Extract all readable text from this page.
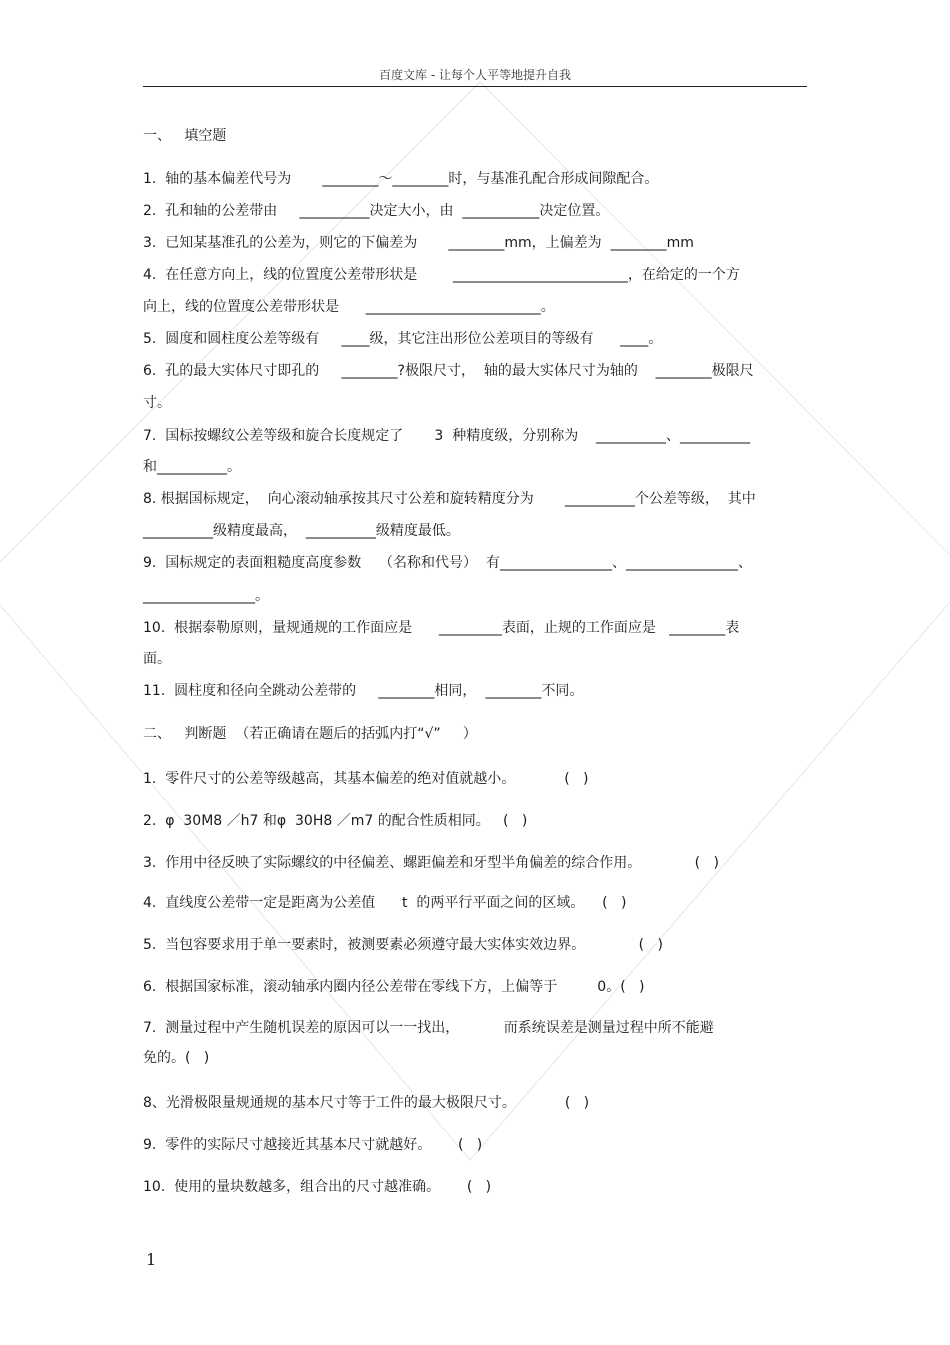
百度文库 - 让每个人平等地提升自我
一、   填空题
1.  轴的基本偏差代号为       ________～________时，与基准孔配合形成间隙配合。
2.  孔和轴的公差带由     __________决定大小，由  ___________决定位置。
3.  已知某基准孔的公差为，则它的下偏差为       ________mm，上偏差为  ________mm
4.  在任意方向上，线的位置度公差带形状是        _________________________，在给定的一个方
向上，线的位置度公差带形状是      _________________________。
5.  圆度和圆柱度公差等级有     ____级，其它注出形位公差项目的等级有      ____。
6.  孔的最大实体尺寸即孔的     ________?极限尺寸，  轴的最大实体尺寸为轴的    ________极限尺
寸。
7.  国标按螺纹公差等级和旋合长度规定了       3  种精度级，分别称为    __________、__________
和__________。
8. 根据国标规定，  向心滚动轴承按其尺寸公差和旋转精度分为       __________个公差等级，  其中
__________级精度最高，  __________级精度最低。
9.  国标规定的表面粗糙度高度参数    （名称和代号）  有________________、________________、
________________。
10.  根据泰勒原则，量规通规的工作面应是      _________表面，止规的工作面应是   ________表
面。
11.  圆柱度和径向全跳动公差带的     ________相同，  ________不同。
二、   判断题  （若正确请在题后的括弧内打“√”     ）
1.  零件尺寸的公差等级越高，其基本偏差的绝对值就越小。           (   )
2.  φ  30M8 ／h7 和φ  30H8 ／m7 的配合性质相同。   (   )
3.  作用中径反映了实际螺纹的中径偏差、螺距偏差和牙型半角偏差的综合作用。            (   )
4.  直线度公差带一定是距离为公差值      t  的两平行平面之间的区域。    (   )
5.  当包容要求用于单一要素时，被测要素必须遵守最大实体实效边界。            (   )
6.  根据国家标准，滚动轴承内圈内径公差带在零线下方，上偏等于         0。(   )
7.  测量过程中产生随机误差的原因可以一一找出，          而系统误差是测量过程中所不能避
免的。(   )
8、光滑极限量规通规的基本尺寸等于工件的最大极限尺寸。           (   )
9.  零件的实际尺寸越接近其基本尺寸就越好。      (   )
10.  使用的量块数越多，组合出的尺寸越准确。      (   )
1
